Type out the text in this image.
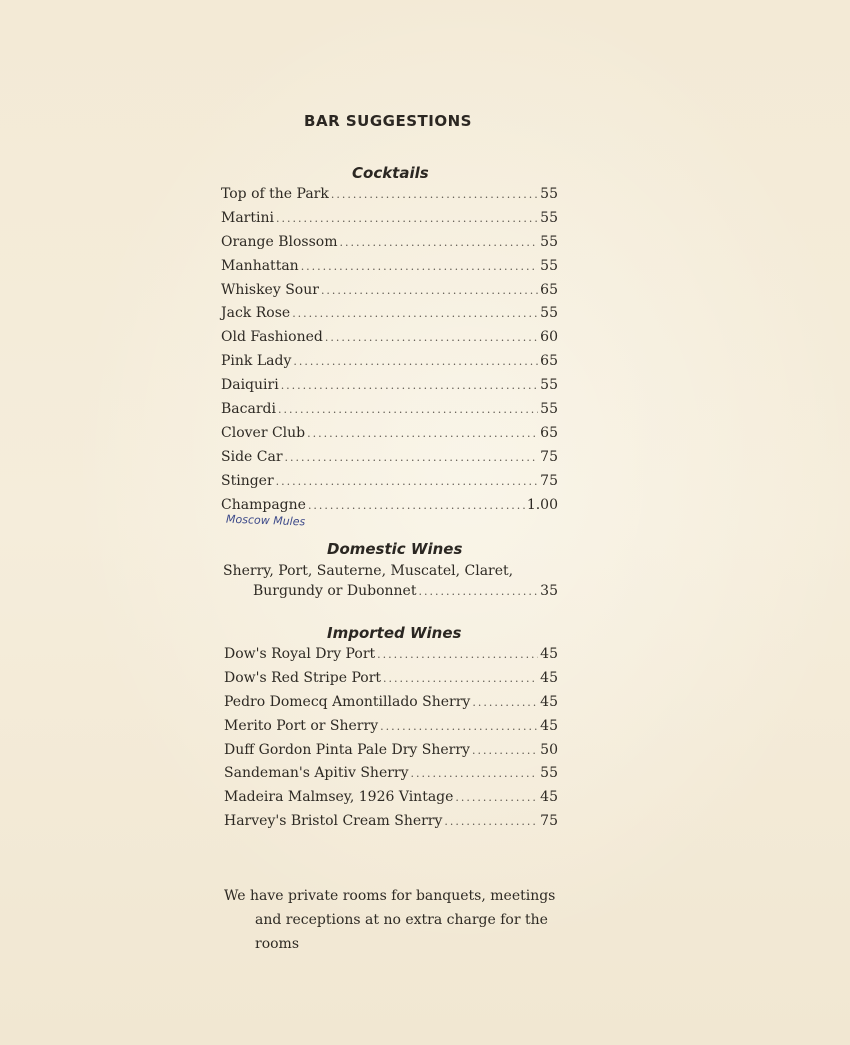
BAR SUGGESTIONS
Cocktails
Top of the Park .....	55
Martini .....	55
Orange Blossom .....	55
Manhattan .....	55
Whiskey Sour .....	65
Jack Rose .....	55
Old Fashioned .....	60
Pink Lady .....	65
Daiquiri .....	55
Bacardi .....	55
Clover Club .....	65
Side Car .....	75
Stinger .....	75
Champagne .....	1.00
Moscow Mules
Domestic Wines
Sherry, Port, Sauterne, Muscatel, Claret,
Burgundy or Dubonnet .....	35
Imported Wines
Dow's Royal Dry Port .....	45
Dow's Red Stripe Port .....	45
Pedro Domecq Amontillado Sherry .....	45
Merito Port or Sherry .....	45
Duff Gordon Pinta Pale Dry Sherry .....	50
Sandeman's Apitiv Sherry .....	55
Madeira Malmsey, 1926 Vintage .....	45
Harvey's Bristol Cream Sherry .....	75
We have private rooms for banquets, meetings
and receptions at no extra charge for the
rooms
